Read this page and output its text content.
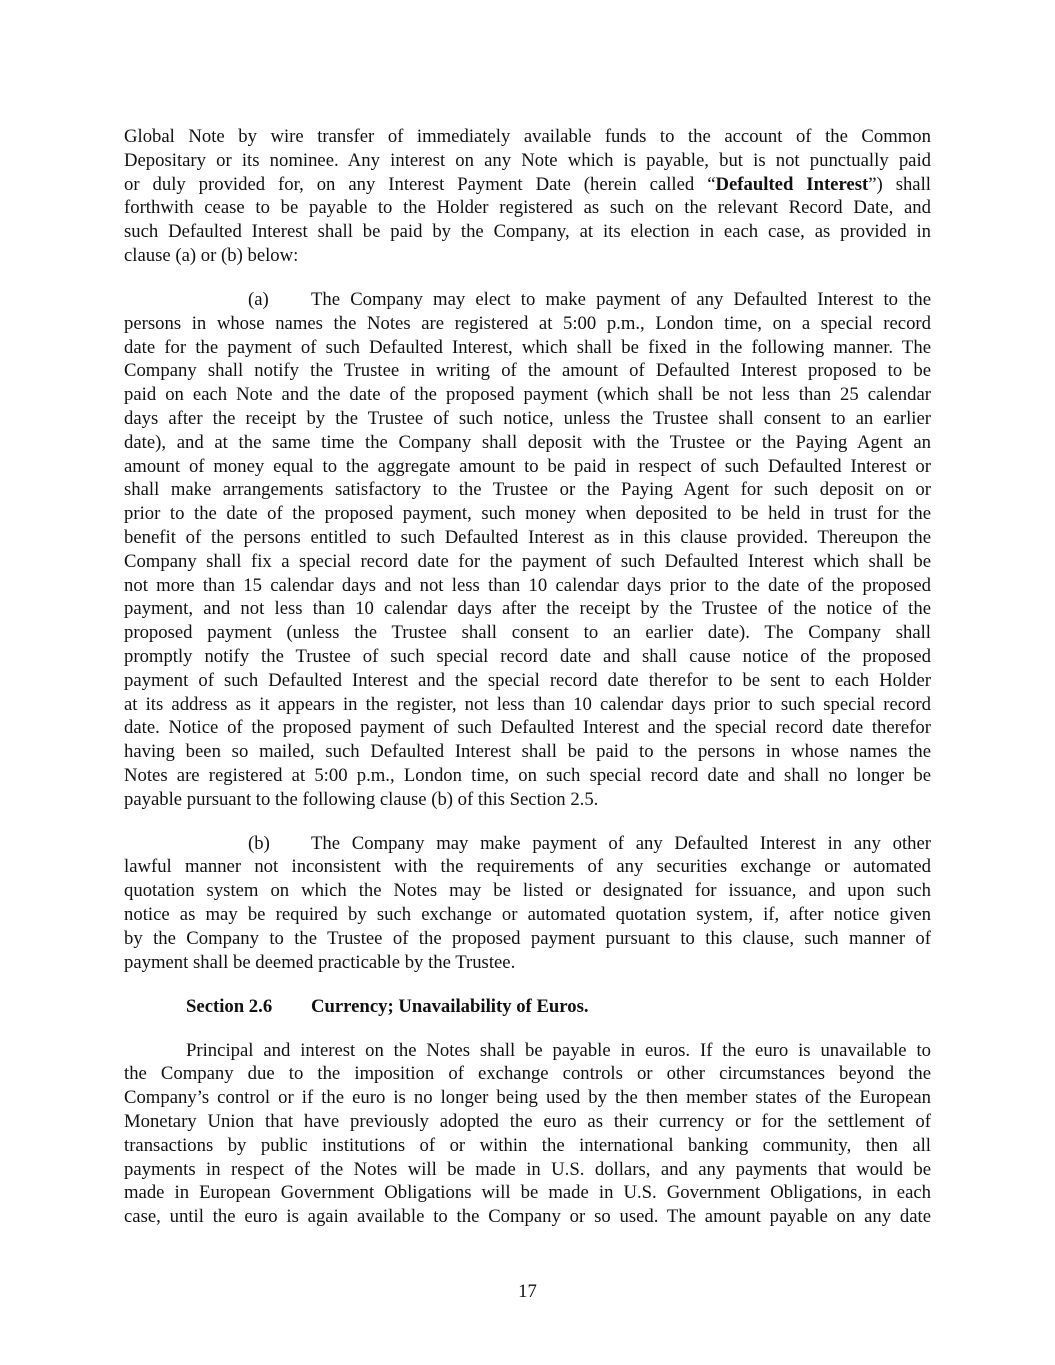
Global Note by wire transfer of immediately available funds to the account of the Common
Depositary or its nominee. Any interest on any Note which is payable, but is not punctually paid
or duly provided for, on any Interest Payment Date (herein called “Defaulted Interest”) shall
forthwith cease to be payable to the Holder registered as such on the relevant Record Date, and
such Defaulted Interest shall be paid by the Company, at its election in each case, as provided in
clause (a) or (b) below:
(a)	The Company may elect to make payment of any Defaulted Interest to the
persons in whose names the Notes are registered at 5:00 p.m., London time, on a special record
date for the payment of such Defaulted Interest, which shall be fixed in the following manner. The
Company shall notify the Trustee in writing of the amount of Defaulted Interest proposed to be
paid on each Note and the date of the proposed payment (which shall be not less than 25 calendar
days after the receipt by the Trustee of such notice, unless the Trustee shall consent to an earlier
date), and at the same time the Company shall deposit with the Trustee or the Paying Agent an
amount of money equal to the aggregate amount to be paid in respect of such Defaulted Interest or
shall make arrangements satisfactory to the Trustee or the Paying Agent for such deposit on or
prior to the date of the proposed payment, such money when deposited to be held in trust for the
benefit of the persons entitled to such Defaulted Interest as in this clause provided. Thereupon the
Company shall fix a special record date for the payment of such Defaulted Interest which shall be
not more than 15 calendar days and not less than 10 calendar days prior to the date of the proposed
payment, and not less than 10 calendar days after the receipt by the Trustee of the notice of the
proposed payment (unless the Trustee shall consent to an earlier date). The Company shall
promptly notify the Trustee of such special record date and shall cause notice of the proposed
payment of such Defaulted Interest and the special record date therefor to be sent to each Holder
at its address as it appears in the register, not less than 10 calendar days prior to such special record
date. Notice of the proposed payment of such Defaulted Interest and the special record date therefor
having been so mailed, such Defaulted Interest shall be paid to the persons in whose names the
Notes are registered at 5:00 p.m., London time, on such special record date and shall no longer be
payable pursuant to the following clause (b) of this Section 2.5.
(b)	The Company may make payment of any Defaulted Interest in any other
lawful manner not inconsistent with the requirements of any securities exchange or automated
quotation system on which the Notes may be listed or designated for issuance, and upon such
notice as may be required by such exchange or automated quotation system, if, after notice given
by the Company to the Trustee of the proposed payment pursuant to this clause, such manner of
payment shall be deemed practicable by the Trustee.
Section 2.6 Currency; Unavailability of Euros.
Principal and interest on the Notes shall be payable in euros. If the euro is unavailable to
the Company due to the imposition of exchange controls or other circumstances beyond the
Company’s control or if the euro is no longer being used by the then member states of the European
Monetary Union that have previously adopted the euro as their currency or for the settlement of
transactions by public institutions of or within the international banking community, then all
payments in respect of the Notes will be made in U.S. dollars, and any payments that would be
made in European Government Obligations will be made in U.S. Government Obligations, in each
case, until the euro is again available to the Company or so used. The amount payable on any date
17
